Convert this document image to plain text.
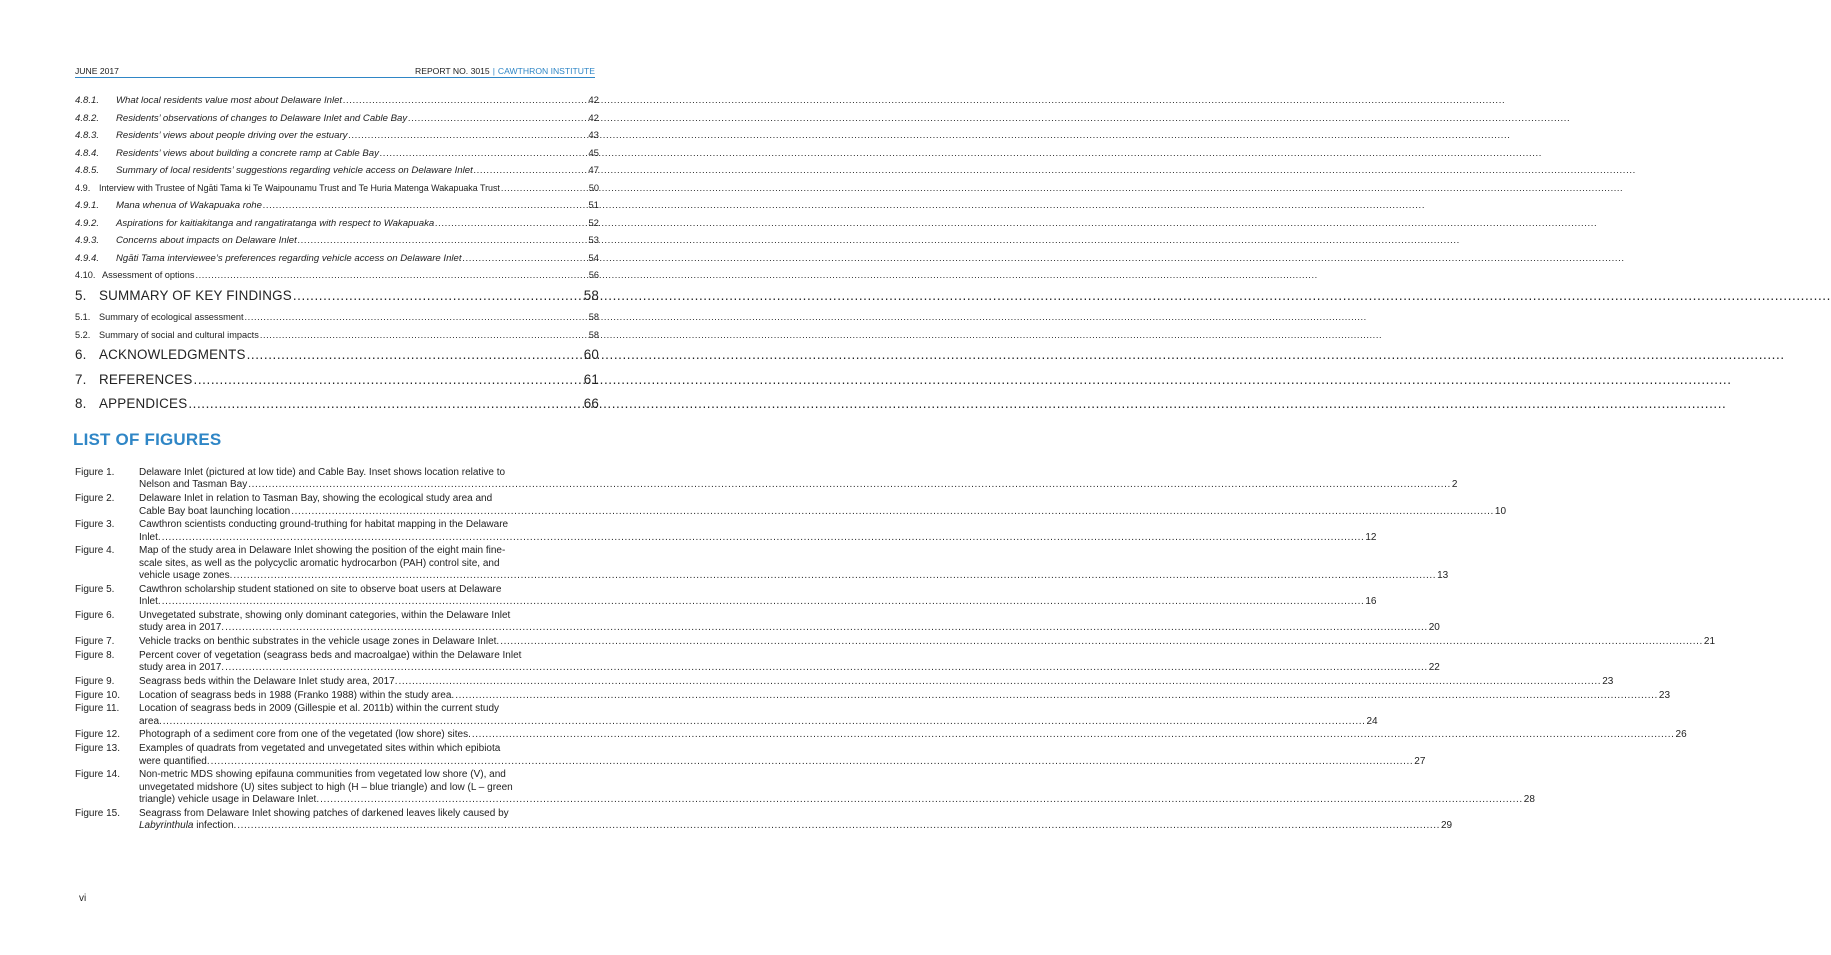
JUNE 2017	REPORT NO. 3015 | CAWTHRON INSTITUTE
4.8.1.	What local residents value most about Delaware Inlet .....	42
4.8.2.	Residents’ observations of changes to Delaware Inlet and Cable Bay .....	42
4.8.3.	Residents’ views about people driving over the estuary .....	43
4.8.4.	Residents’ views about building a concrete ramp at Cable Bay .....	45
4.8.5.	Summary of local residents’ suggestions regarding vehicle access on Delaware Inlet .....	47
4.9. Interview with Trustee of Ngāti Tama ki Te Waipounamu Trust and Te Huria Matenga Wakapuaka Trust .....	50
4.9.1.	Mana whenua of Wakapuaka rohe .....	51
4.9.2.	Aspirations for kaitiakitanga and rangatiratanga with respect to Wakapuaka .....	52
4.9.3.	Concerns about impacts on Delaware Inlet .....	53
4.9.4.	Ngāti Tama interviewee’s preferences regarding vehicle access on Delaware Inlet .....	54
4.10. Assessment of options .....	56
5. SUMMARY OF KEY FINDINGS .....	58
5.1. Summary of ecological assessment .....	58
5.2. Summary of social and cultural impacts .....	58
6. ACKNOWLEDGMENTS .....	60
7. REFERENCES .....	61
8. APPENDICES .....	66
LIST OF FIGURES
Figure 1.	Delaware Inlet (pictured at low tide) and Cable Bay. Inset shows location relative to
Nelson and Tasman Bay .....	2
Figure 2.	Delaware Inlet in relation to Tasman Bay, showing the ecological study area and
Cable Bay boat launching location .....	10
Figure 3.	Cawthron scientists conducting ground-truthing for habitat mapping in the Delaware
Inlet. .....	12
Figure 4.	Map of the study area in Delaware Inlet showing the position of the eight main fine-
scale sites, as well as the polycyclic aromatic hydrocarbon (PAH) control site, and
vehicle usage zones. .....	13
Figure 5.	Cawthron scholarship student stationed on site to observe boat users at Delaware
Inlet. .....	16
Figure 6.	Unvegetated substrate, showing only dominant categories, within the Delaware Inlet
study area in 2017. .....	20
Figure 7.	Vehicle tracks on benthic substrates in the vehicle usage zones in Delaware Inlet. .....	21
Figure 8.	Percent cover of vegetation (seagrass beds and macroalgae) within the Delaware Inlet
study area in 2017. .....	22
Figure 9.	Seagrass beds within the Delaware Inlet study area, 2017. .....	23
Figure 10.	Location of seagrass beds in 1988 (Franko 1988) within the study area. .....	23
Figure 11.	Location of seagrass beds in 2009 (Gillespie et al. 2011b) within the current study
area. .....	24
Figure 12.	Photograph of a sediment core from one of the vegetated (low shore) sites. .....	26
Figure 13.	Examples of quadrats from vegetated and unvegetated sites within which epibiota
were quantified. .....	27
Figure 14.	Non-metric MDS showing epifauna communities from vegetated low shore (V), and
unvegetated midshore (U) sites subject to high (H – blue triangle) and low (L – green
triangle) vehicle usage in Delaware Inlet. .....	28
Figure 15.	Seagrass from Delaware Inlet showing patches of darkened leaves likely caused by
Labyrinthula infection. .....	29
vi
